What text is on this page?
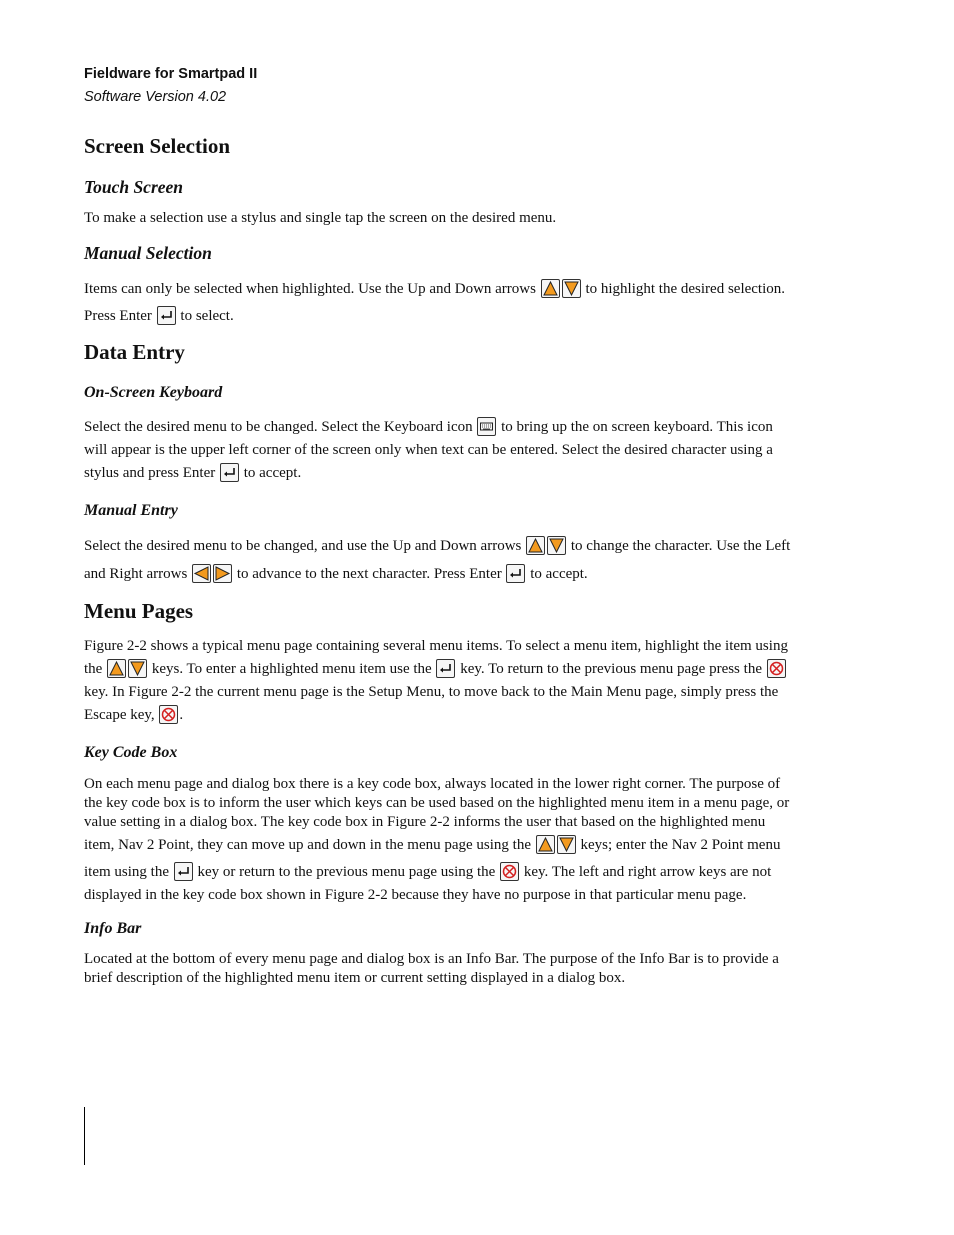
Fieldware for Smartpad II
Software Version 4.02
Screen Selection
Touch Screen
To make a selection use a stylus and single tap the screen on the desired menu.
Manual Selection
Items can only be selected when highlighted. Use the Up and Down arrows	to highlight the desired selection.
Press Enter to select.
Data Entry
On-Screen Keyboard
Select the desired menu to be changed. Select the Keyboard icon to bring up the on screen keyboard. This icon
will appear is the upper left corner of the screen only when text can be entered. Select the desired character using a
stylus and press Enter to accept.
Manual Entry
Select the desired menu to be changed, and use the Up and Down arrows	to change the character. Use the Left
and Right arrows	to advance to the next character. Press Enter to accept.
Menu Pages
Figure 2-2 shows a typical menu page containing several menu items. To select a menu item, highlight the item using
the	keys. To enter a highlighted menu item use the key. To return to the previous menu page press the
key. In Figure 2-2 the current menu page is the Setup Menu, to move back to the Main Menu page, simply press the
Escape key, .
Key Code Box
On each menu page and dialog box there is a key code box, always located in the lower right corner. The purpose of
the key code box is to inform the user which keys can be used based on the highlighted menu item in a menu page, or
value setting in a dialog box. The key code box in Figure 2-2 informs the user that based on the highlighted menu
item, Nav 2 Point, they can move up and down in the menu page using the	keys; enter the Nav 2 Point menu
item using the key or return to the previous menu page using the key. The left and right arrow keys are not
displayed in the key code box shown in Figure 2-2 because they have no purpose in that particular menu page.
Info Bar
Located at the bottom of every menu page and dialog box is an Info Bar. The purpose of the Info Bar is to provide a
brief description of the highlighted menu item or current setting displayed in a dialog box.
